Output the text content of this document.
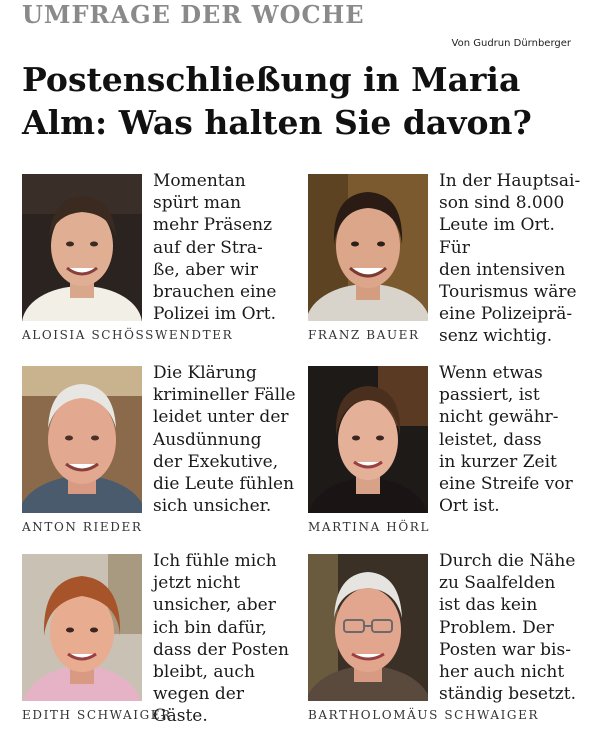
UMFRAGE DER WOCHE
Von Gudrun Dürnberger
Postenschließung in Maria Alm: Was halten Sie davon?

Momentan
spürt man
mehr Präsenz
auf der Stra-
ße, aber wir
brauchen eine
Polizei im Ort.

ALOISIA SCHÖSSWENDTER

In der Hauptsai-
son sind 8.000
Leute im Ort. Für
den intensiven
Tourismus wäre
eine Polizeiprä-
senz wichtig.

FRANZ BAUER

Die Klärung
krimineller Fälle
leidet unter der
Ausdünnung
der Exekutive,
die Leute fühlen
sich unsicher.

ANTON RIEDER

Wenn etwas
passiert, ist
nicht gewähr-
leistet, dass
in kurzer Zeit
eine Streife vor
Ort ist.

MARTINA HÖRL

Ich fühle mich
jetzt nicht
unsicher, aber
ich bin dafür,
dass der Posten
bleibt, auch
wegen der Gäste.

EDITH SCHWAIGER

Durch die Nähe
zu Saalfelden
ist das kein
Problem. Der
Posten war bis-
her auch nicht
ständig besetzt.

BARTHOLOMÄUS SCHWAIGER
